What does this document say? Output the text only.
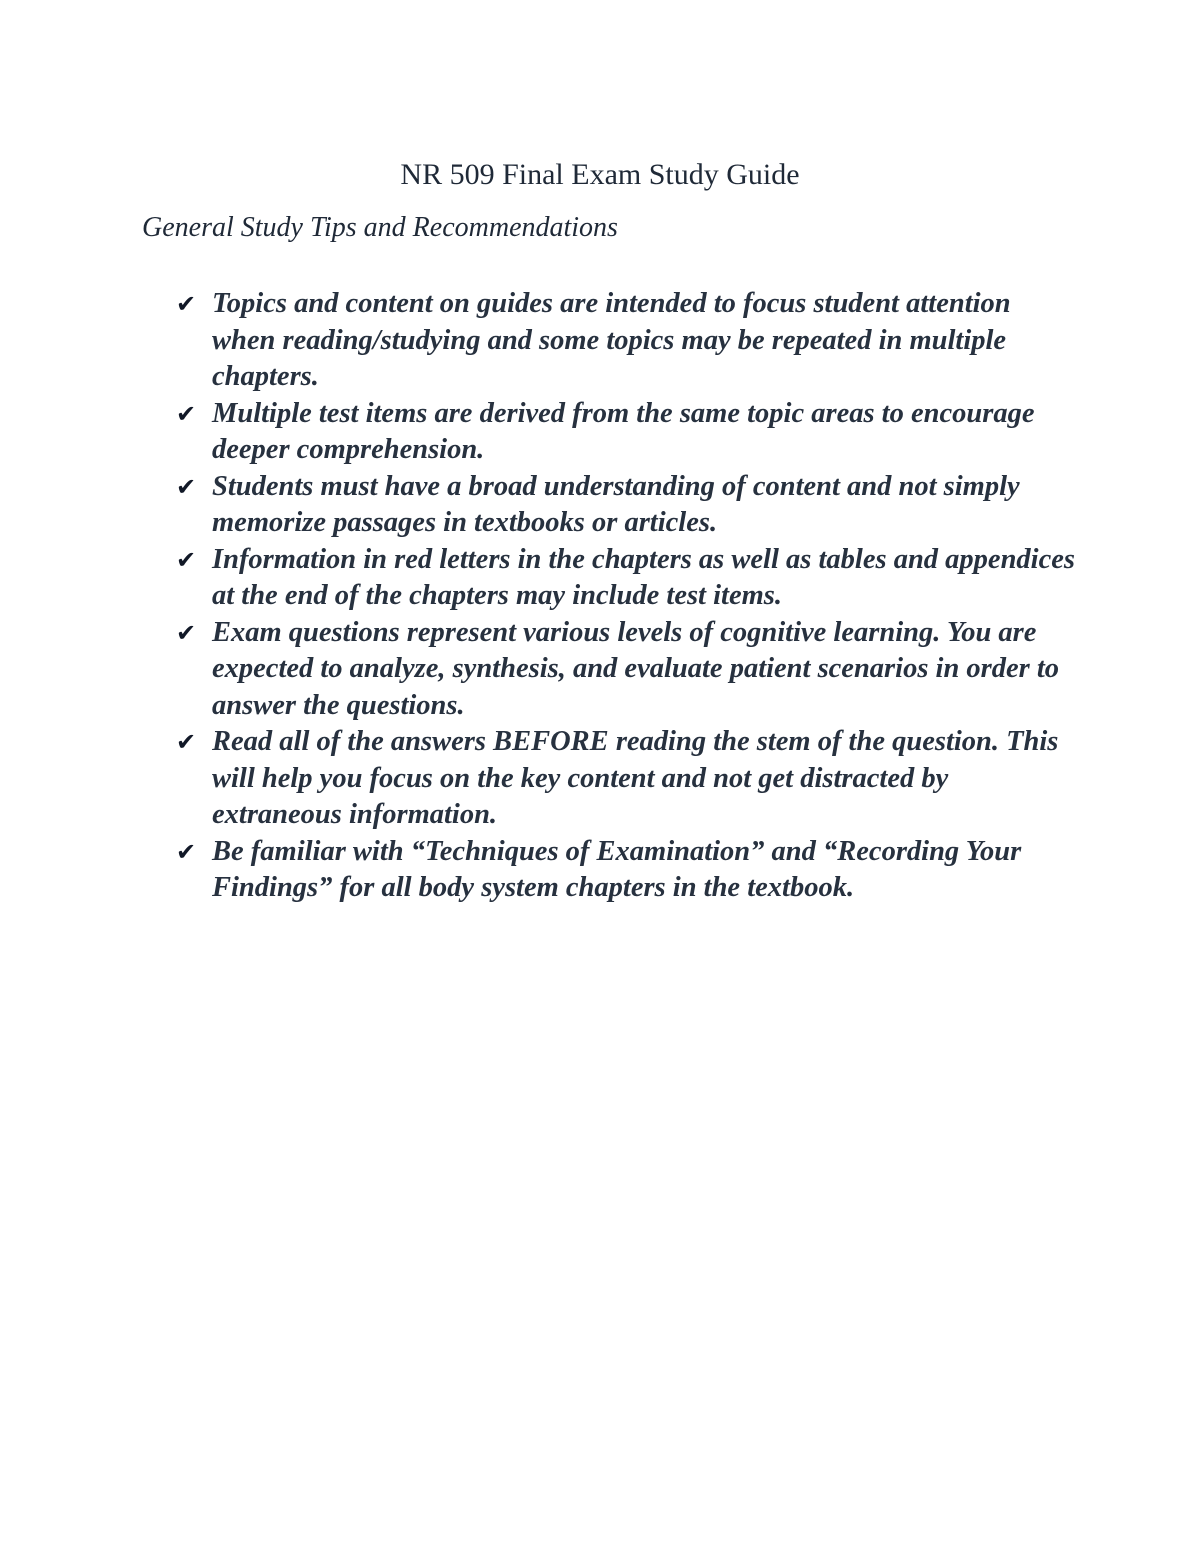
NR 509 Final Exam Study Guide
General Study Tips and Recommendations
✔ Topics and content on guides are intended to focus student attention when reading/studying and some topics may be repeated in multiple chapters.
✔ Multiple test items are derived from the same topic areas to encourage deeper comprehension.
✔ Students must have a broad understanding of content and not simply memorize passages in textbooks or articles.
✔ Information in red letters in the chapters as well as tables and appendices at the end of the chapters may include test items.
✔ Exam questions represent various levels of cognitive learning. You are expected to analyze, synthesis, and evaluate patient scenarios in order to answer the questions.
✔ Read all of the answers BEFORE reading the stem of the question. This will help you focus on the key content and not get distracted by extraneous information.
✔ Be familiar with “Techniques of Examination” and “Recording Your Findings” for all body system chapters in the textbook.
